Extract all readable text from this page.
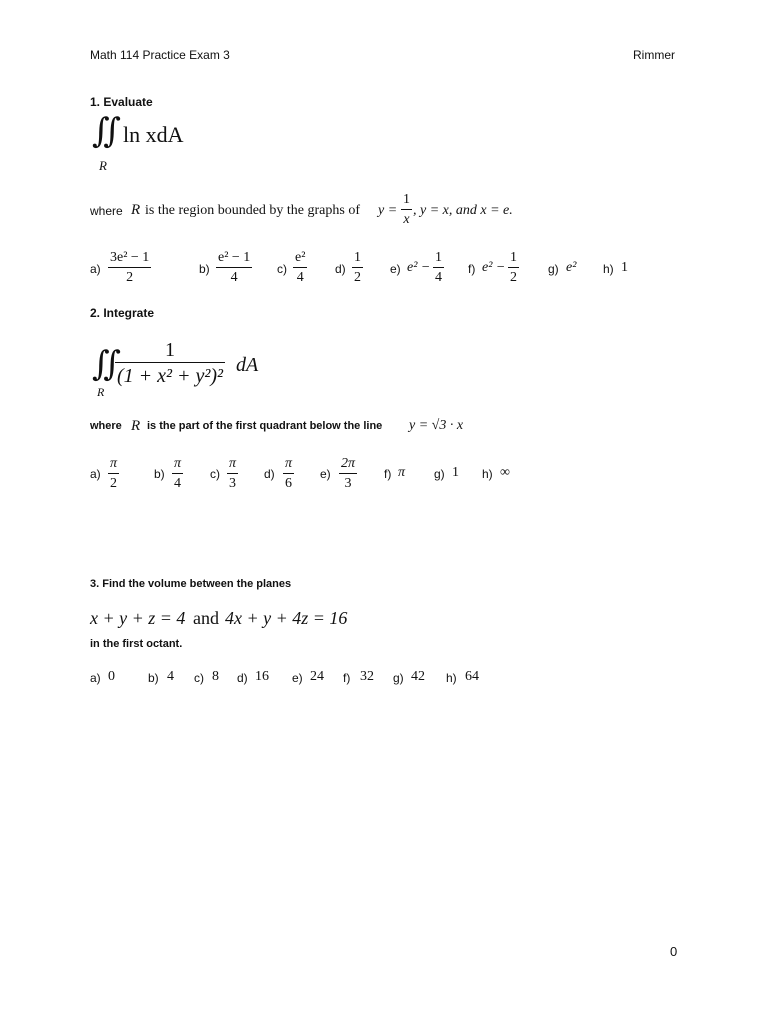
Math 114 Practice Exam 3	Rimmer
1. Evaluate
∬
R
ln xdA
where R is the region bounded by the graphs of y =
1
x
, y = x, and x = e.
a)
3e² − 1
2
b)
e² − 1
4
c)
e²
4
d)
1
2
e) e² −
1
4
f) e² −
1
2
g) e² h) 1
2. Integrate
∬
R
1
(1 + x² + y²)² dA
where R is the part of the first quadrant below the line y = √3 · x
a)
π
2
b)
π
4
c)
π
3
d)
π
6
e)
2π
3
f) π g) 1 h) ∞
3. Find the volume between the planes
x + y + z = 4 and 4x + y + 4z = 16
in the first octant.
a) 0	b) 4 c) 8 d) 16 e) 24 f) 32 g) 42 h) 64
0
